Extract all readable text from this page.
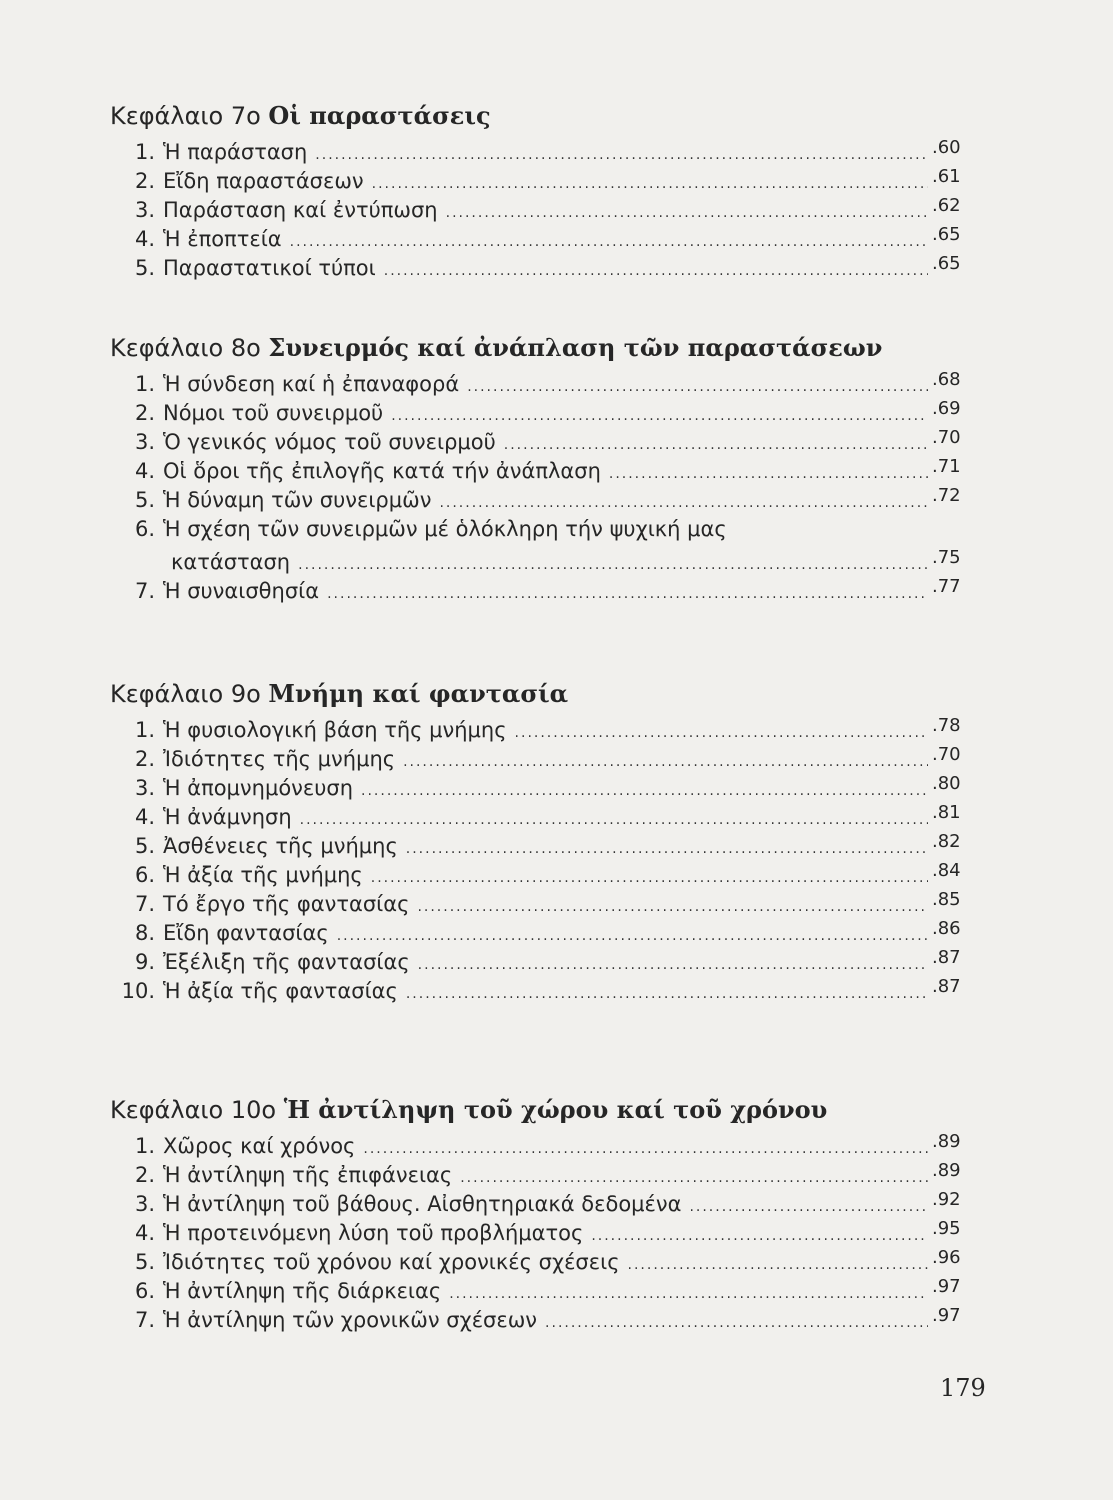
Κεφάλαιο 7ο Οἱ παραστάσεις
1. Ἡ παράσταση .....	.60
2. Εἴδη παραστάσεων .....	.61
3. Παράσταση καί ἐντύπωση .....	.62
4. Ἡ ἐποπτεία .....	.65
5. Παραστατικοί τύποι .....	.65
Κεφάλαιο 8ο Συνειρμός καί ἀνάπλαση τῶν παραστάσεων
1. Ἡ σύνδεση καί ἡ ἐπαναφορά .....	.68
2. Νόμοι τοῦ συνειρμοῦ .....	.69
3. Ὁ γενικός νόμος τοῦ συνειρμοῦ .....	.70
4. Οἱ ὅροι τῆς ἐπιλογῆς κατά τήν ἀνάπλαση .....	.71
5. Ἡ δύναμη τῶν συνειρμῶν .....	.72
6. Ἡ σχέση τῶν συνειρμῶν μέ ὁλόκληρη τήν ψυχική μας
κατάσταση .....	.75
7. Ἡ συναισθησία .....	.77
Κεφάλαιο 9ο Μνήμη καί φαντασία
1. Ἡ φυσιολογική βάση τῆς μνήμης .....	.78
2. Ἰδιότητες τῆς μνήμης .....	.70
3. Ἡ ἀπομνημόνευση .....	.80
4. Ἡ ἀνάμνηση .....	.81
5. Ἀσθένειες τῆς μνήμης .....	.82
6. Ἡ ἀξία τῆς μνήμης .....	.84
7. Τό ἔργο τῆς φαντασίας .....	.85
8. Εἴδη φαντασίας .....	.86
9. Ἐξέλιξη τῆς φαντασίας .....	.87
10. Ἡ ἀξία τῆς φαντασίας .....	.87
Κεφάλαιο 10ο Ἡ ἀντίληψη τοῦ χώρου καί τοῦ χρόνου
1. Χῶρος καί χρόνος .....	.89
2. Ἡ ἀντίληψη τῆς ἐπιφάνειας .....	.89
3. Ἡ ἀντίληψη τοῦ βάθους. Αἰσθητηριακά δεδομένα .....	.92
4. Ἡ προτεινόμενη λύση τοῦ προβλήματος .....	.95
5. Ἰδιότητες τοῦ χρόνου καί χρονικές σχέσεις .....	.96
6. Ἡ ἀντίληψη τῆς διάρκειας .....	.97
7. Ἡ ἀντίληψη τῶν χρονικῶν σχέσεων .....	.97
179
